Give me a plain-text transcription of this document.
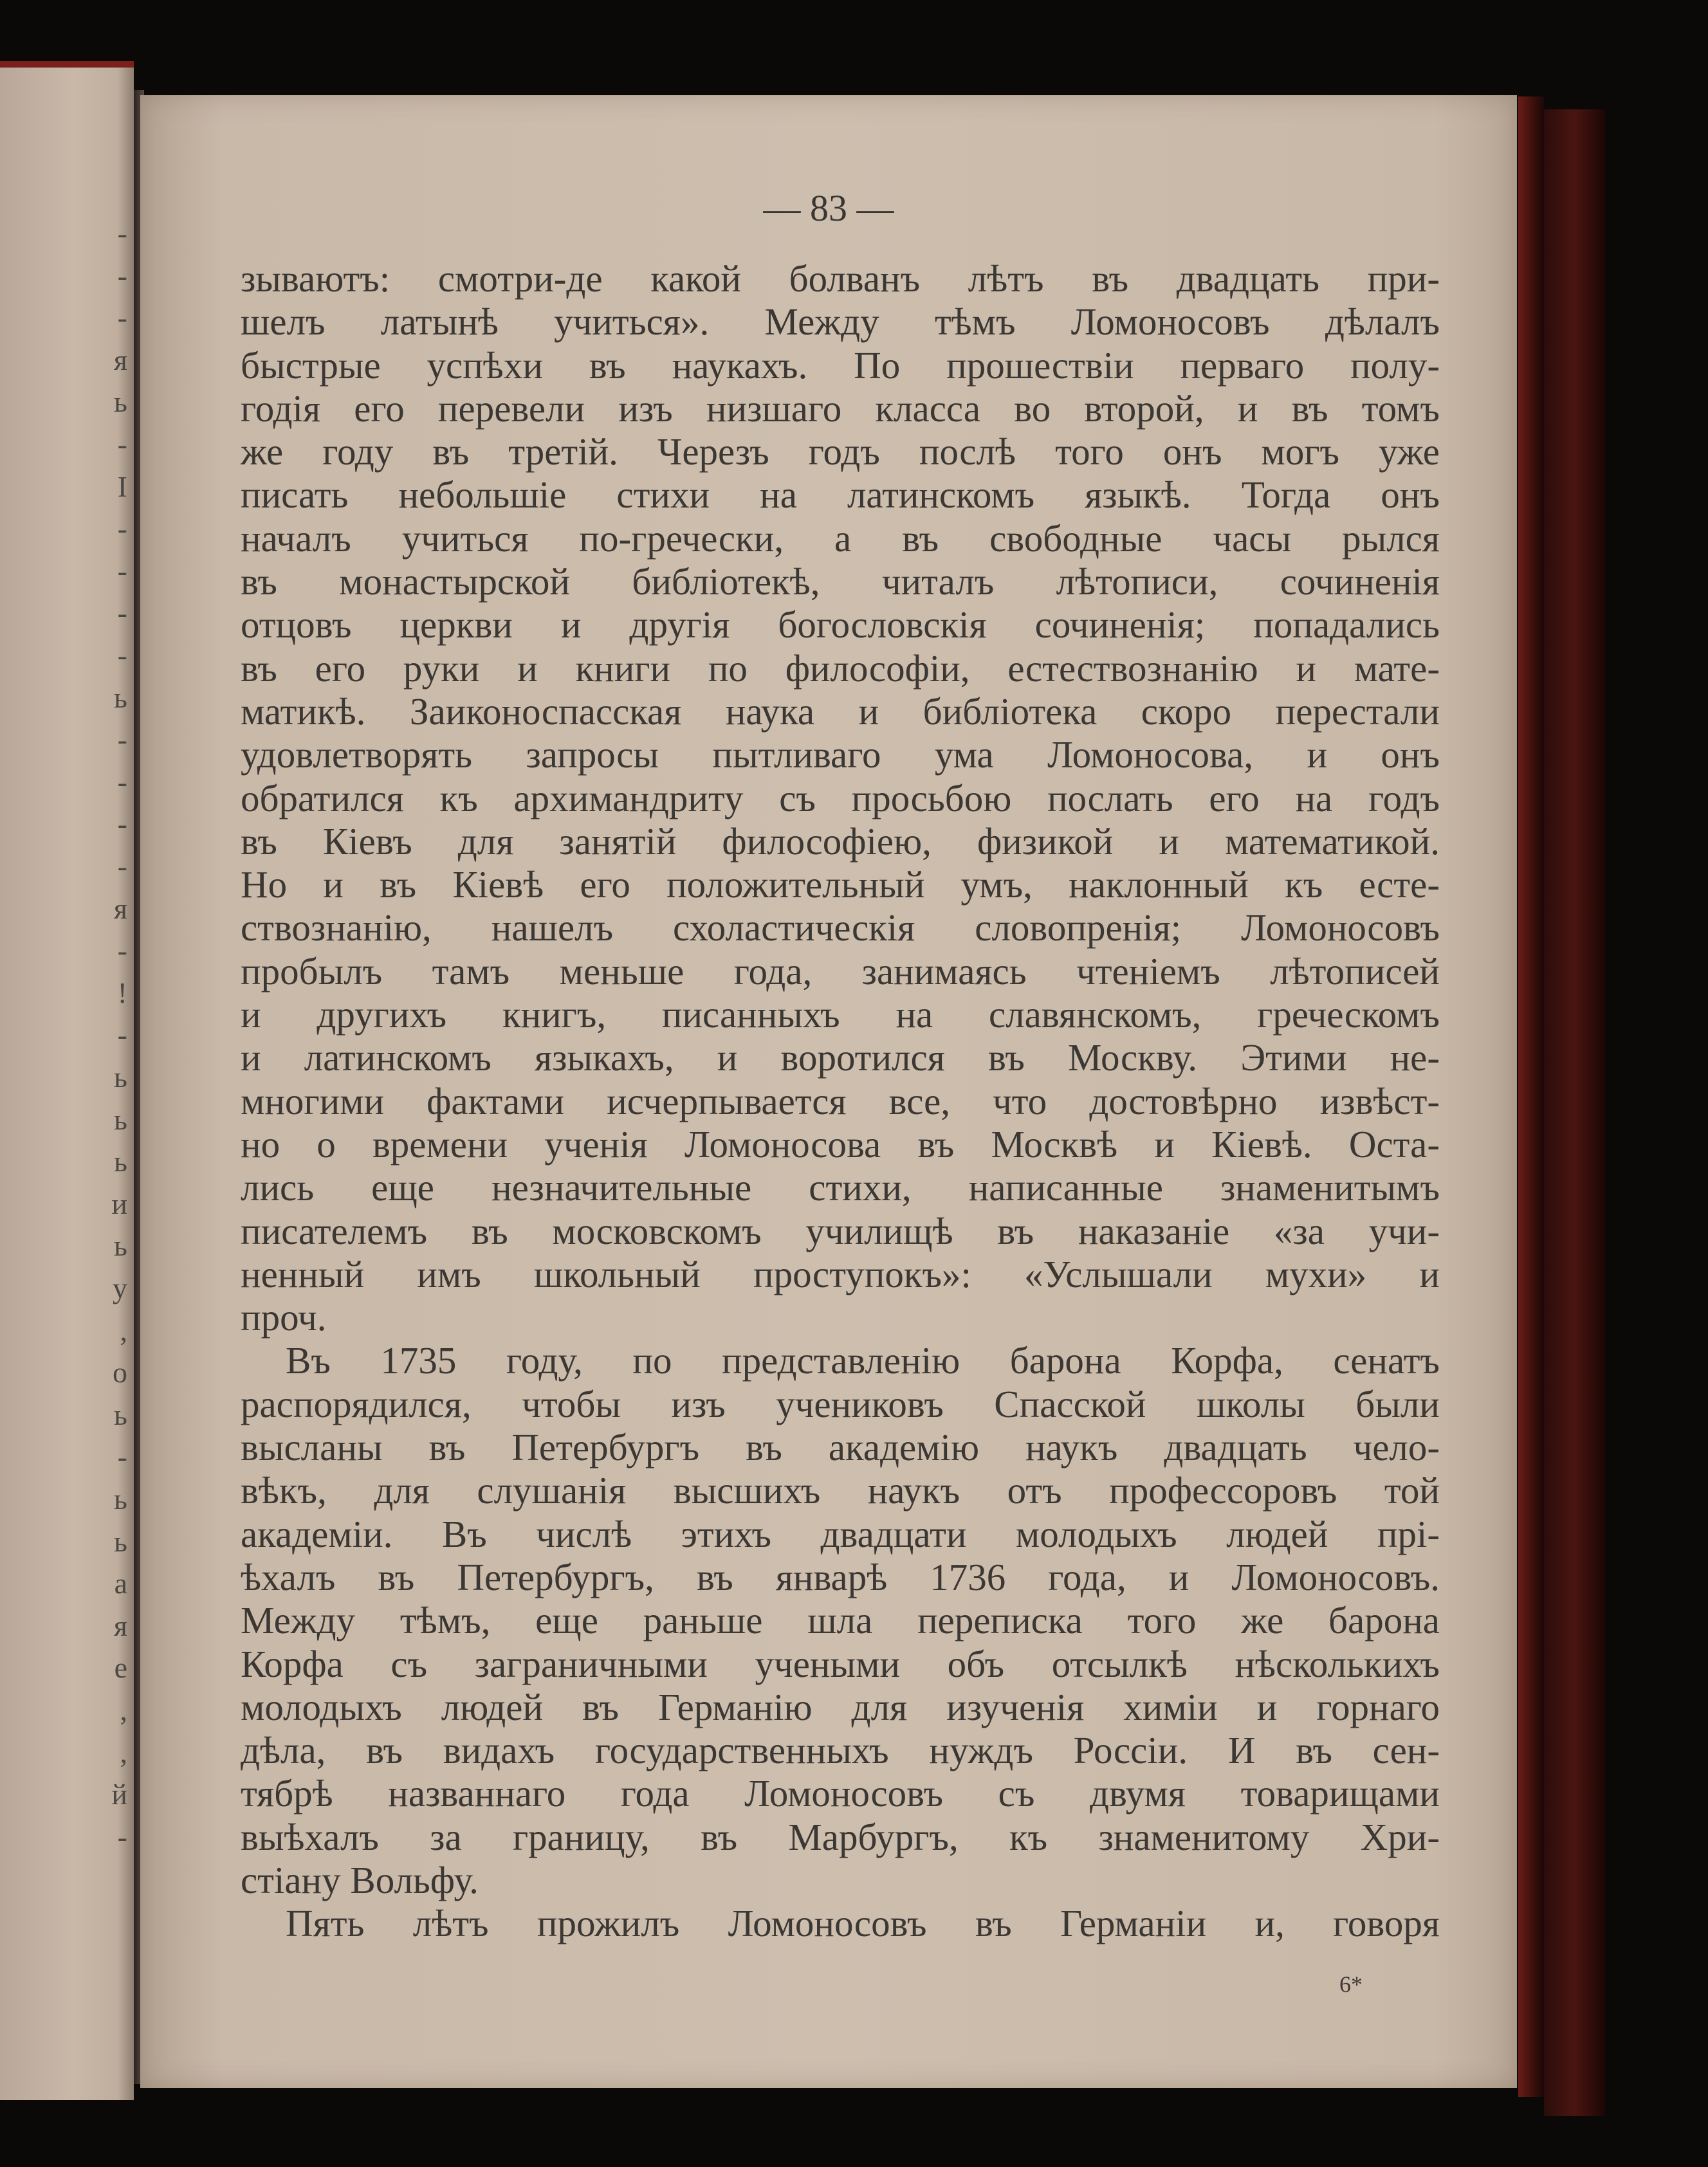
-
-
-
я
ь
-
I
-
-
-
-
ь
-
-
-
-
я
-
!
-
ь
ь
ь
и
ь
у
,
о
ь
-
ь
ь
а
я
е
,
,
й
-

— 83 —

зываютъ: смотри-де какой болванъ лѣтъ въ двадцать при-
шелъ латынѣ учиться». Между тѣмъ Ломоносовъ дѣлалъ
быстрые успѣхи въ наукахъ. По прошествіи перваго полу-
годія его перевели изъ низшаго класса во второй, и въ томъ
же году въ третій. Черезъ годъ послѣ того онъ могъ уже
писать небольшіе стихи на латинскомъ языкѣ. Тогда онъ
началъ учиться по-гречески, а въ свободные часы рылся
въ монастырской библіотекѣ, читалъ лѣтописи, сочиненія
отцовъ церкви и другія богословскія сочиненія; попадались
въ его руки и книги по философіи, естествознанію и мате-
матикѣ. Заиконоспасская наука и библіотека скоро перестали
удовлетворять запросы пытливаго ума Ломоносова, и онъ
обратился къ архимандриту съ просьбою послать его на годъ
въ Кіевъ для занятій философіею, физикой и математикой.
Но и въ Кіевѣ его положительный умъ, наклонный къ есте-
ствознанію, нашелъ схоластическія словопренія; Ломоносовъ
пробылъ тамъ меньше года, занимаясь чтеніемъ лѣтописей
и другихъ книгъ, писанныхъ на славянскомъ, греческомъ
и латинскомъ языкахъ, и воротился въ Москву. Этими не-
многими фактами исчерпывается все, что достовѣрно извѣст-
но о времени ученія Ломоносова въ Москвѣ и Кіевѣ. Оста-
лись еще незначительные стихи, написанные знаменитымъ
писателемъ въ московскомъ училищѣ въ наказаніе «за учи-
ненный имъ школьный проступокъ»: «Услышали мухи» и
проч.
Въ 1735 году, по представленію барона Корфа, сенатъ
распорядился, чтобы изъ учениковъ Спасской школы были
высланы въ Петербургъ въ академію наукъ двадцать чело-
вѣкъ, для слушанія высшихъ наукъ отъ профессоровъ той
академіи. Въ числѣ этихъ двадцати молодыхъ людей прі-
ѣхалъ въ Петербургъ, въ январѣ 1736 года, и Ломоносовъ.
Между тѣмъ, еще раньше шла переписка того же барона
Корфа съ заграничными учеными объ отсылкѣ нѣсколькихъ
молодыхъ людей въ Германію для изученія химіи и горнаго
дѣла, въ видахъ государственныхъ нуждъ Россіи. И въ сен-
тябрѣ названнаго года Ломоносовъ съ двумя товарищами
выѣхалъ за границу, въ Марбургъ, къ знаменитому Хри-
стіану Вольфу.
Пять лѣтъ прожилъ Ломоносовъ въ Германіи и, говоря

6*
